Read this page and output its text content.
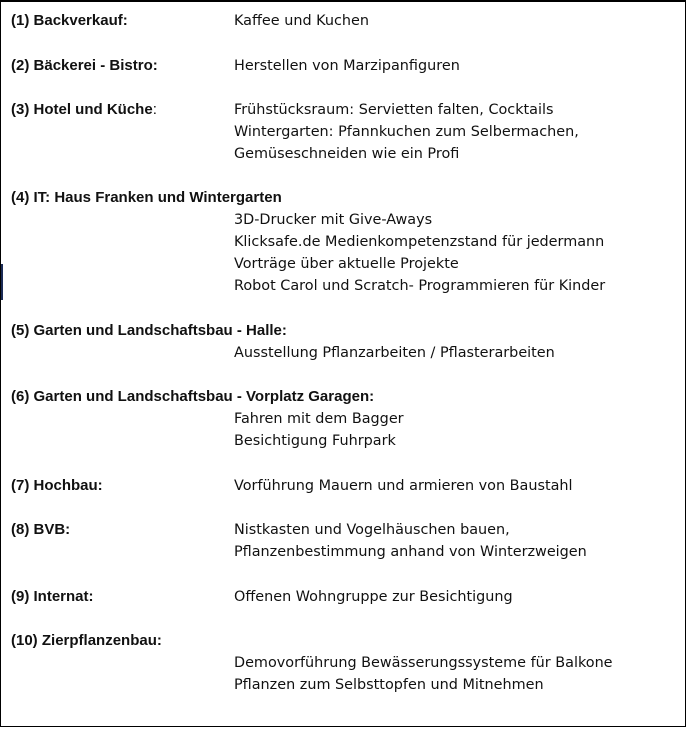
(1) Backverkauf:	Kaffee und Kuchen
(2) Bäckerei - Bistro:	Herstellen von Marzipanfiguren
(3) Hotel und Küche:	Frühstücksraum: Servietten falten, Cocktails
Wintergarten: Pfannkuchen zum Selbermachen,
Gemüseschneiden wie ein Profi
(4) IT: Haus Franken und Wintergarten
3D-Drucker mit Give-Aways
Klicksafe.de Medienkompetenzstand für jedermann
Vorträge über aktuelle Projekte
Robot Carol und Scratch- Programmieren für Kinder
(5) Garten und Landschaftsbau - Halle:
Ausstellung Pflanzarbeiten / Pflasterarbeiten
(6) Garten und Landschaftsbau - Vorplatz Garagen:
Fahren mit dem Bagger
Besichtigung Fuhrpark
(7) Hochbau:	Vorführung Mauern und armieren von Baustahl
(8) BVB:	Nistkasten und Vogelhäuschen bauen,
Pflanzenbestimmung anhand von Winterzweigen
(9) Internat:	Offenen Wohngruppe zur Besichtigung
(10) Zierpflanzenbau:
Demovorführung Bewässerungssysteme für Balkone
Pflanzen zum Selbsttopfen und Mitnehmen
